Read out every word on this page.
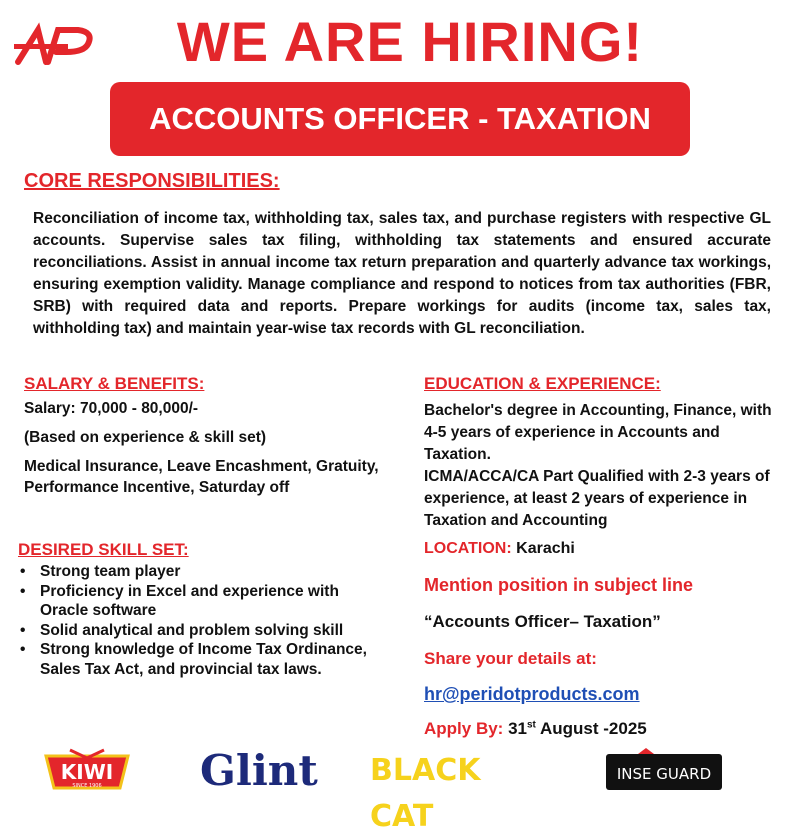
WE ARE HIRING!
ACCOUNTS OFFICER - TAXATION
CORE RESPONSIBILITIES:
Reconciliation of income tax, withholding tax, sales tax, and purchase registers with respective GL accounts. Supervise sales tax filing, withholding tax statements and ensured accurate reconciliations. Assist in annual income tax return preparation and quarterly advance tax workings, ensuring exemption validity. Manage compliance and respond to notices from tax authorities (FBR, SRB) with required data and reports. Prepare workings for audits (income tax, sales tax, withholding tax) and maintain year-wise tax records with GL reconciliation.
SALARY & BENEFITS:

Salary: 70,000 - 80,000/-

(Based on experience & skill set)

Medical Insurance, Leave Encashment, Gratuity, Performance Incentive, Saturday off

DESIRED SKILL SET:
• Strong team player
• Proficiency in Excel and experience with Oracle software
• Solid analytical and problem solving skill
• Strong knowledge of Income Tax Ordinance, Sales Tax Act, and provincial tax laws.
EDUCATION & EXPERIENCE:
Bachelor's degree in Accounting, Finance, with 4-5 years of experience in Accounts and Taxation.
ICMA/ACCA/CA Part Qualified with 2-3 years of experience, at least 2 years of experience in Taxation and Accounting
LOCATION: Karachi
Mention position in subject line
“Accounts Officer– Taxation”
Share your details at:
hr@peridotproducts.com
Apply By: 31st August -2025
KIWI
SINCE 1906 Glint BLACK CAT
INSE GUARD
